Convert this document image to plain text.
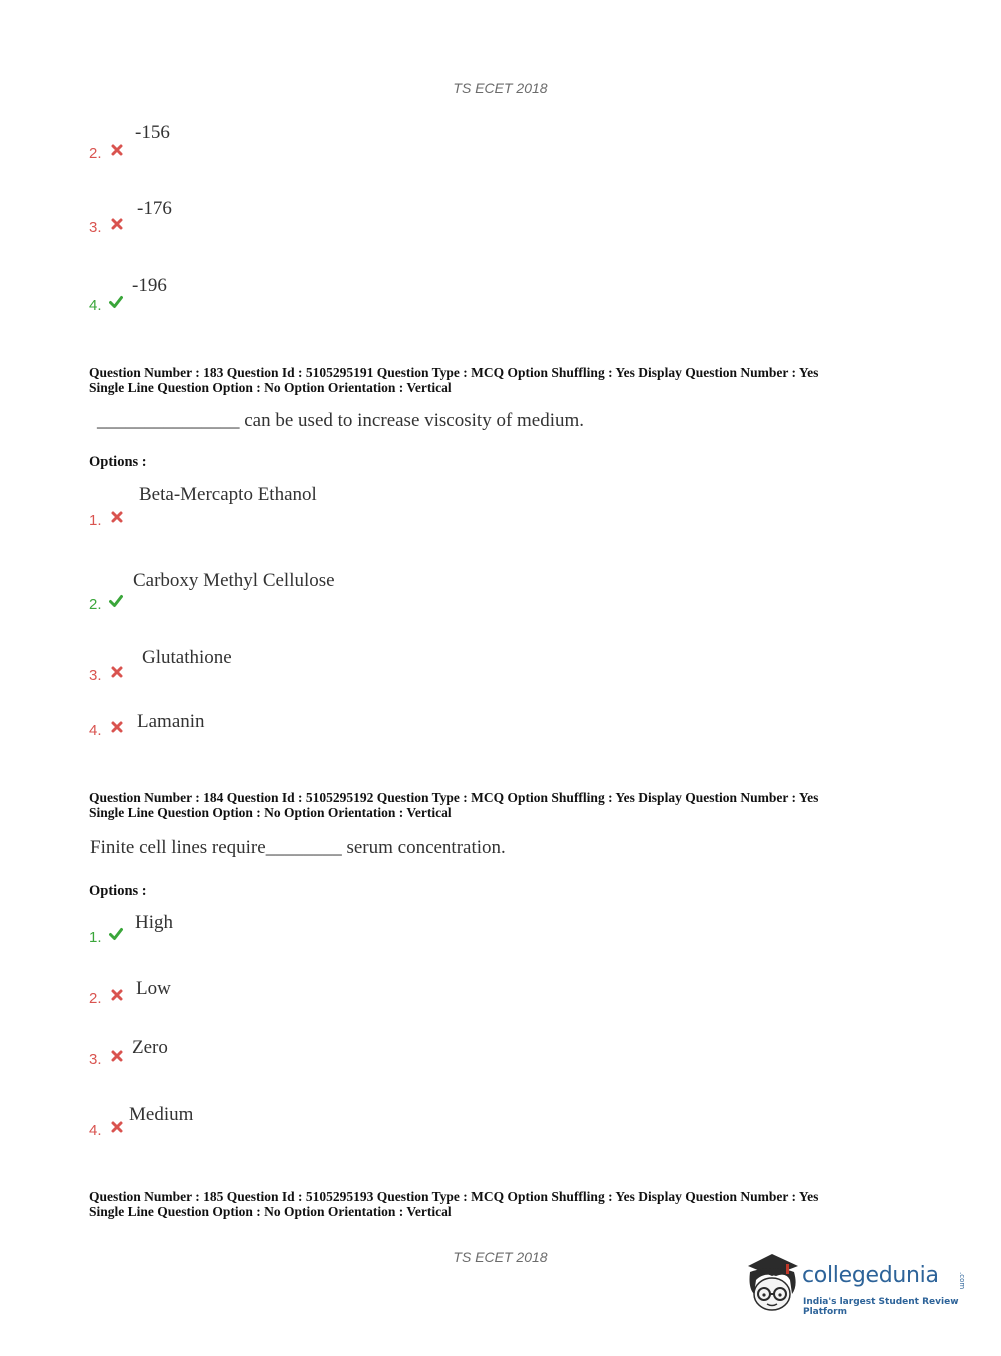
TS ECET 2018
-156
2.
-176
3.
-196
4.
Question Number : 183 Question Id : 5105295191 Question Type : MCQ Option Shuffling : Yes Display Question Number : Yes
Single Line Question Option : No Option Orientation : Vertical
_______________ can be used to increase viscosity of medium.
Options :
Beta-Mercapto Ethanol
1.
Carboxy Methyl Cellulose
2.
Glutathione
3.
Lamanin
4.
Question Number : 184 Question Id : 5105295192 Question Type : MCQ Option Shuffling : Yes Display Question Number : Yes
Single Line Question Option : No Option Orientation : Vertical
Finite cell lines require________ serum concentration.
Options :
High
1.
Low
2.
Zero
3.
Medium
4.
Question Number : 185 Question Id : 5105295193 Question Type : MCQ Option Shuffling : Yes Display Question Number : Yes
Single Line Question Option : No Option Orientation : Vertical
TS ECET 2018
collegedunia	.com
India's largest Student Review Platform
